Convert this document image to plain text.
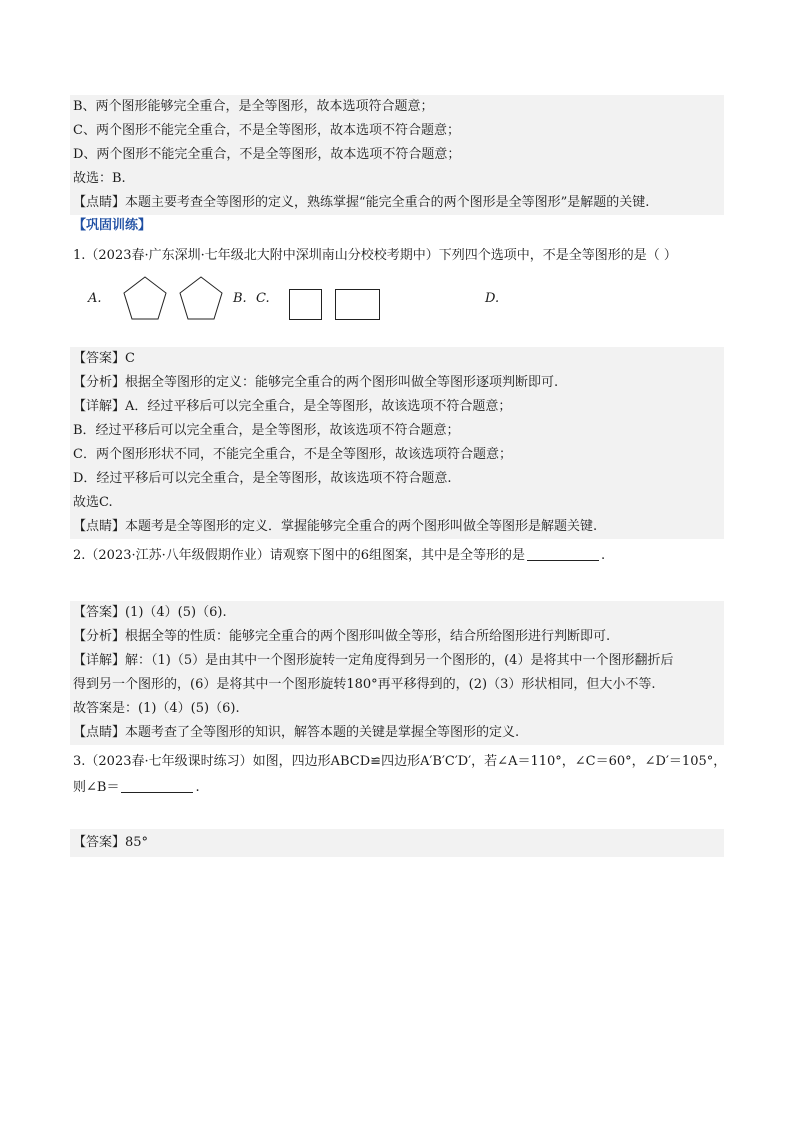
B、两个图形能够完全重合，是全等图形，故本选项符合题意；
C、两个图形不能完全重合，不是全等图形，故本选项不符合题意；
D、两个图形不能完全重合，不是全等图形，故本选项不符合题意；
故选：B.
【点睛】本题主要考查全等图形的定义，熟练掌握“能完全重合的两个图形是全等图形”是解题的关键.
【巩固训练】
1.（2023春·广东深圳·七年级北大附中深圳南山分校校考期中）下列四个选项中，不是全等图形的是（ ）
A.	B. C.	D.
【答案】C
【分析】根据全等图形的定义：能够完全重合的两个图形叫做全等图形逐项判断即可.
【详解】A．经过平移后可以完全重合，是全等图形，故该选项不符合题意；
B．经过平移后可以完全重合，是全等图形，故该选项不符合题意；
C．两个图形形状不同，不能完全重合，不是全等图形，故该选项符合题意；
D．经过平移后可以完全重合，是全等图形，故该选项不符合题意.
故选C.
【点睛】本题考是全等图形的定义．掌握能够完全重合的两个图形叫做全等图形是解题关键.
2.（2023·江苏·八年级假期作业）请观察下图中的6组图案，其中是全等形的是	.
【答案】(1)（4）(5)（6).
【分析】根据全等的性质：能够完全重合的两个图形叫做全等形，结合所给图形进行判断即可.
【详解】解：（1)（5）是由其中一个图形旋转一定角度得到另一个图形的，(4）是将其中一个图形翻折后
得到另一个图形的，(6）是将其中一个图形旋转180°再平移得到的，(2)（3）形状相同，但大小不等.
故答案是：(1)（4）(5)（6).
【点睛】本题考查了全等图形的知识，解答本题的关键是掌握全等图形的定义.
3.（2023春·七年级课时练习）如图，四边形ABCD≌四边形A′B′C′D′，若∠A＝110°，∠C＝60°，∠D′＝105°，
则∠B＝	.
【答案】85°
